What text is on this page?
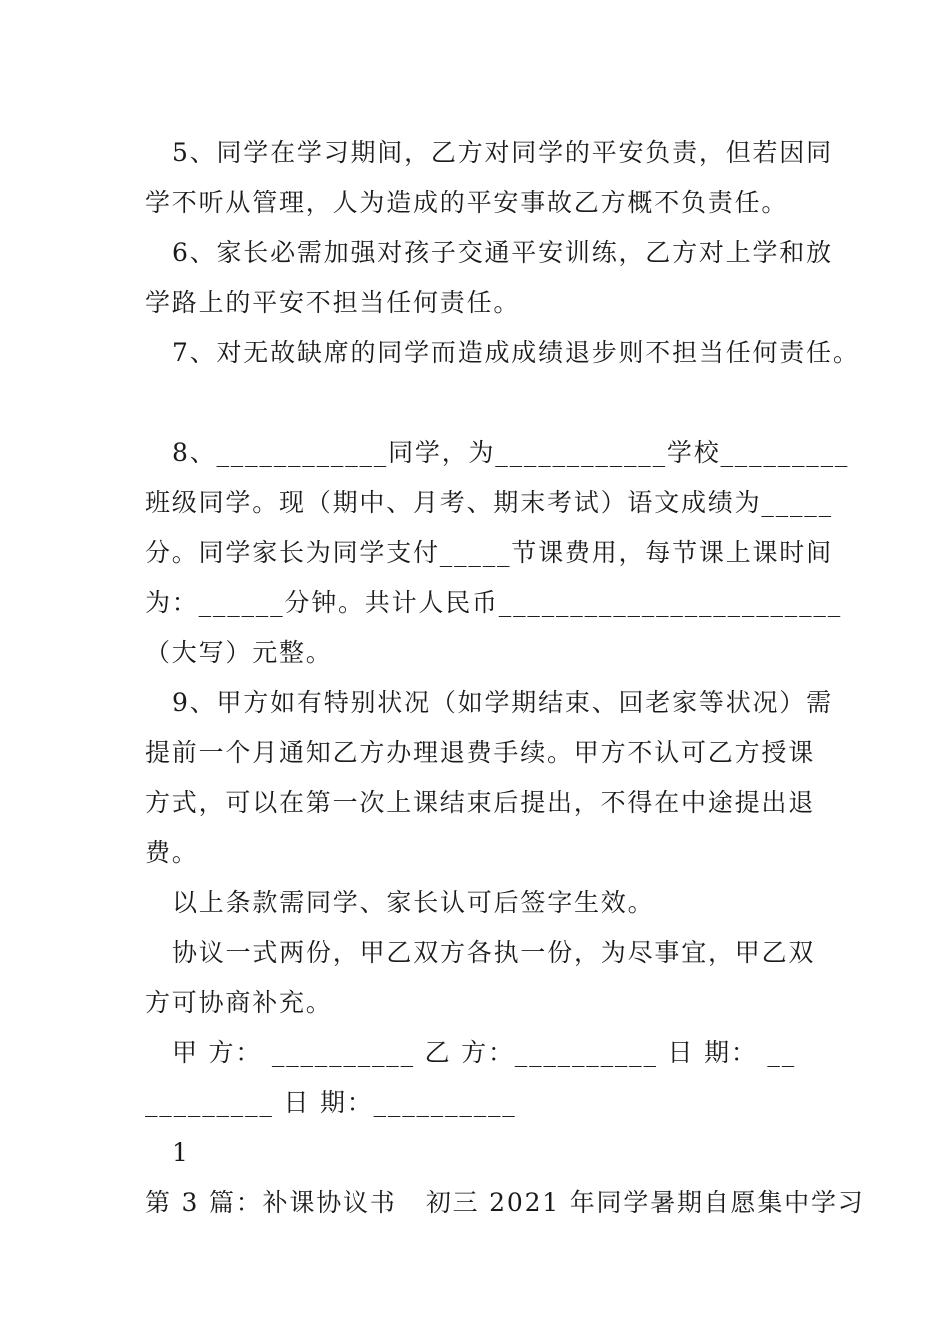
5、同学在学习期间，乙方对同学的平安负责，但若因同
学不听从管理，人为造成的平安事故乙方概不负责任。
6、家长必需加强对孩子交通平安训练，乙方对上学和放
学路上的平安不担当任何责任。
7、对无故缺席的同学而造成成绩退步则不担当任何责任。
8、____________同学，为____________学校_________
班级同学。现（期中、月考、期末考试）语文成绩为_____
分。同学家长为同学支付_____节课费用，每节课上课时间
为：______分钟。共计人民币________________________
（大写）元整。
9、甲方如有特别状况（如学期结束、回老家等状况）需
提前一个月通知乙方办理退费手续。甲方不认可乙方授课
方式，可以在第一次上课结束后提出，不得在中途提出退
费。
以上条款需同学、家长认可后签字生效。
协议一式两份，甲乙双方各执一份，为尽事宜，甲乙双
方可协商补充。
甲 方： __________ 乙 方：__________ 日 期： __
_________ 日 期：__________
1
第 3 篇：补课协议书   初三 2021 年同学暑期自愿集中学习
